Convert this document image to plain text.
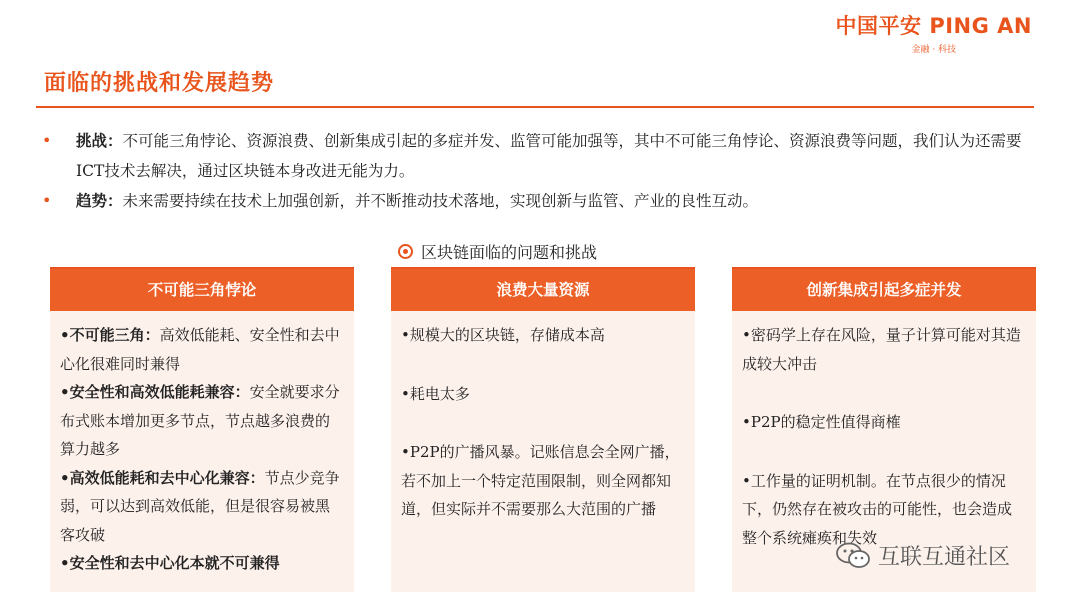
中国平安 PING AN
金融 · 科技
面临的挑战和发展趋势
• 挑战：不可能三角悖论、资源浪费、创新集成引起的多症并发、监管可能加强等，其中不可能三角悖论、资源浪费等问题，我们认为还需要ICT技术去解决，通过区块链本身改进无能为力。
• 趋势：未来需要持续在技术上加强创新，并不断推动技术落地，实现创新与监管、产业的良性互动。
区块链面临的问题和挑战
不可能三角悖论

•不可能三角：高效低能耗、安全性和去中心化很难同时兼得

•安全性和高效低能耗兼容：安全就要求分布式账本增加更多节点，节点越多浪费的算力越多

•高效低能耗和去中心化兼容：节点少竞争弱，可以达到高效低能，但是很容易被黑客攻破

•安全性和去中心化本就不可兼得

浪费大量资源

•规模大的区块链，存储成本高

•耗电太多

•P2P的广播风暴。记账信息会全网广播，若不加上一个特定范围限制，则全网都知道，但实际并不需要那么大范围的广播

创新集成引起多症并发

•密码学上存在风险，量子计算可能对其造成较大冲击

•P2P的稳定性值得商榷

•工作量的证明机制。在节点很少的情况下，仍然存在被攻击的可能性，也会造成整个系统瘫痪和失效

互联互通社区
